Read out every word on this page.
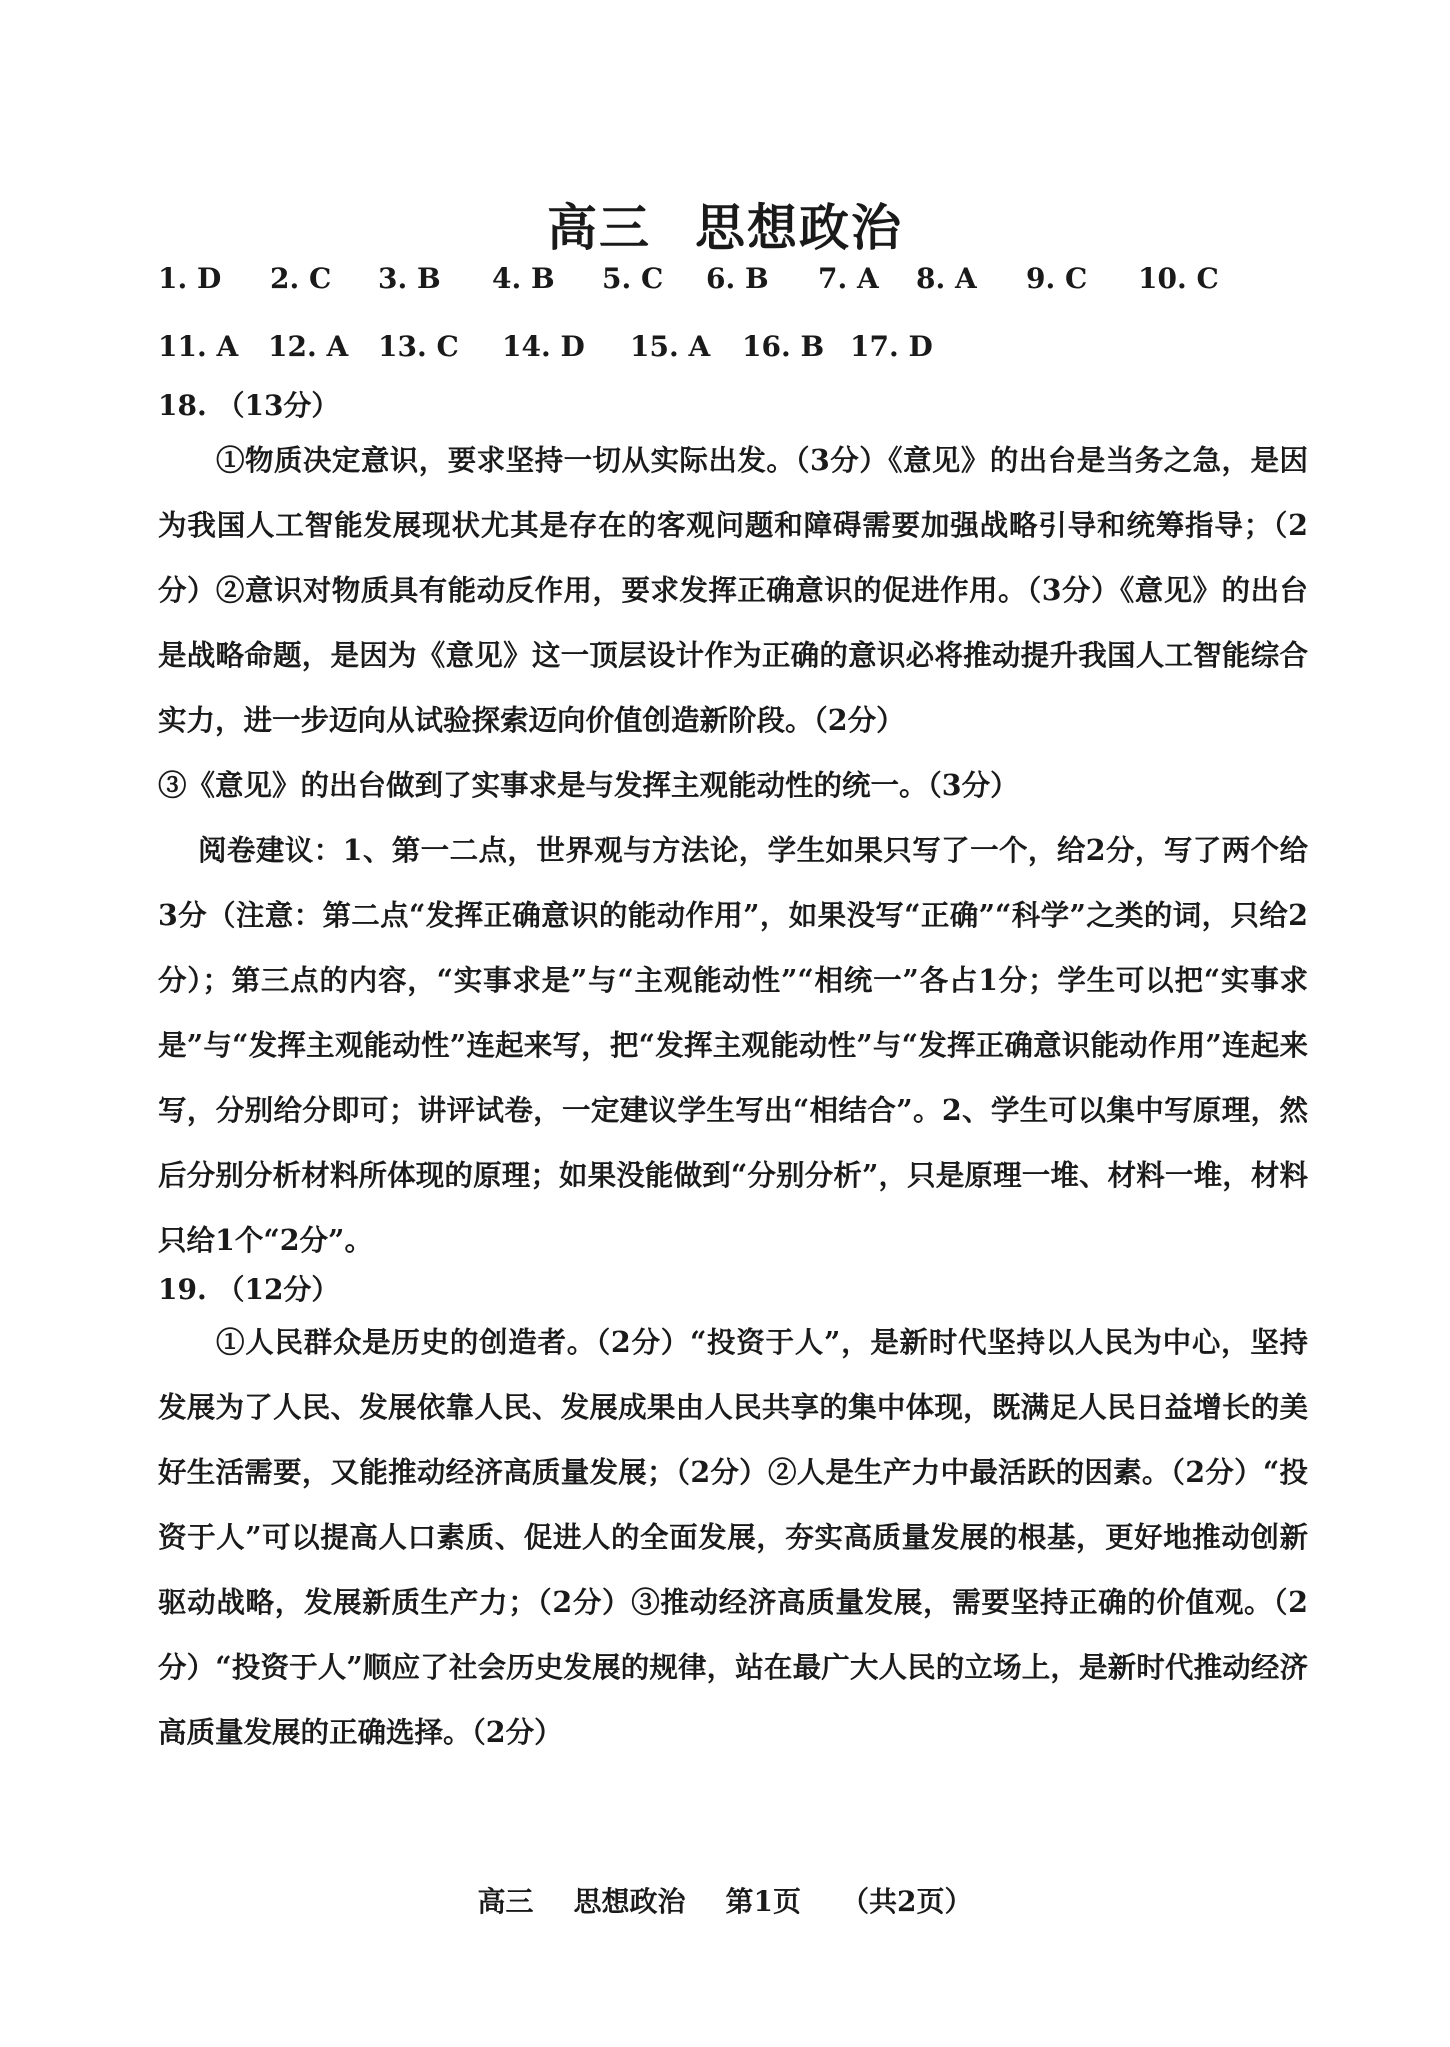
高三 思想政治
1. D 2. C 3. B 4. B 5. C 6. B 7. A 8. A 9. C 10. C
11. A 12. A 13. C 14. D 15. A 16. B 17. D
18. （13分）

①物质决定意识，要求坚持一切从实际出发。（3分）《意见》的出台是当务之急，是因为我国人工智能发展现状尤其是存在的客观问题和障碍需要加强战略引导和统筹指导；（2分）②意识对物质具有能动反作用，要求发挥正确意识的促进作用。（3分）《意见》的出台是战略命题，是因为《意见》这一顶层设计作为正确的意识必将推动提升我国人工智能综合实力，进一步迈向从试验探索迈向价值创造新阶段。（2分）

③《意见》的出台做到了实事求是与发挥主观能动性的统一。（3分）

阅卷建议：1、第一二点，世界观与方法论，学生如果只写了一个，给2分，写了两个给3分（注意：第二点“发挥正确意识的能动作用”，如果没写“正确”“科学”之类的词，只给2分）；第三点的内容，“实事求是”与“主观能动性”“相统一”各占1分；学生可以把“实事求是”与“发挥主观能动性”连起来写，把“发挥主观能动性”与“发挥正确意识能动作用”连起来写，分别给分即可；讲评试卷，一定建议学生写出“相结合”。2、学生可以集中写原理，然后分别分析材料所体现的原理；如果没能做到“分别分析”，只是原理一堆、材料一堆，材料只给1个“2分”。

19. （12分）

①人民群众是历史的创造者。（2分）“投资于人”，是新时代坚持以人民为中心，坚持发展为了人民、发展依靠人民、发展成果由人民共享的集中体现，既满足人民日益增长的美好生活需要，又能推动经济高质量发展；（2分）②人是生产力中最活跃的因素。（2分）“投资于人”可以提高人口素质、促进人的全面发展，夯实高质量发展的根基，更好地推动创新驱动战略，发展新质生产力；（2分）③推动经济高质量发展，需要坚持正确的价值观。（2分）“投资于人”顺应了社会历史发展的规律，站在最广大人民的立场上，是新时代推动经济高质量发展的正确选择。（2分）

高三 思想政治 第1页 （共2页）
